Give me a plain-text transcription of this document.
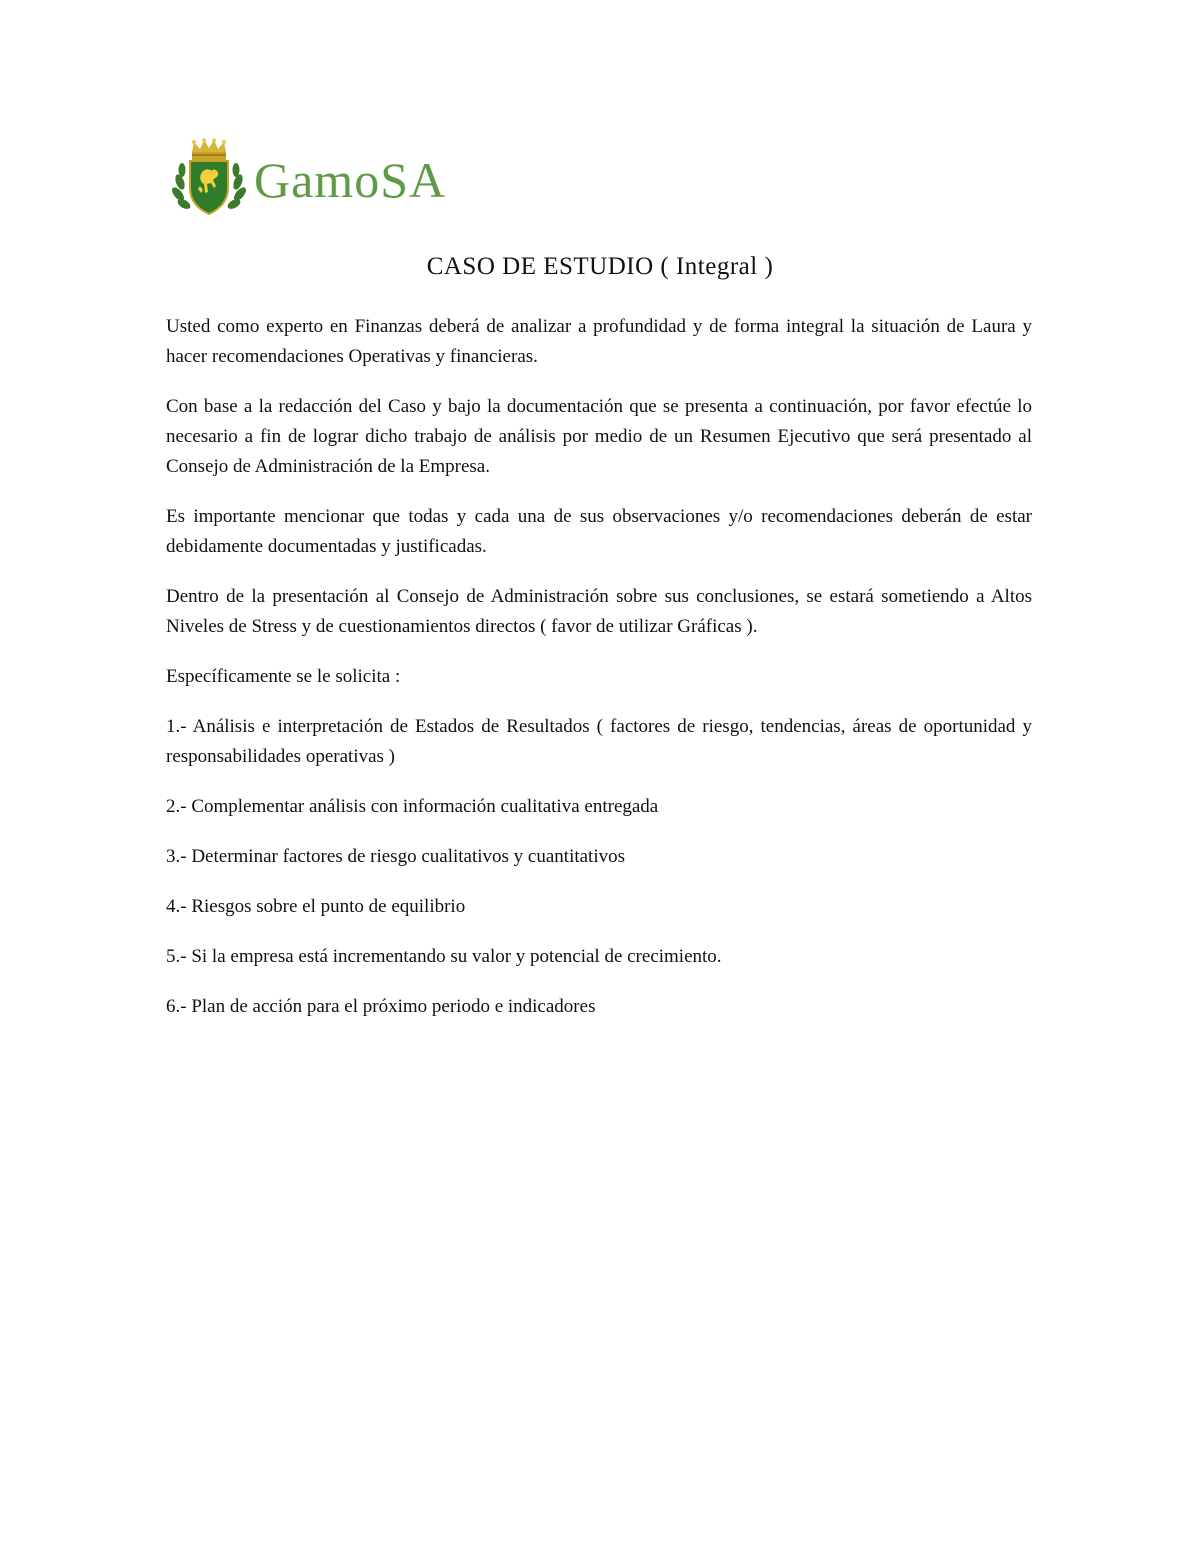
GamoSA
CASO DE ESTUDIO ( Integral )

Usted como experto en Finanzas deberá de analizar a profundidad y de forma integral la situación de Laura y hacer recomendaciones Operativas y financieras.

Con base a la redacción del Caso y bajo la documentación que se presenta a continuación, por favor efectúe lo necesario a fin de lograr dicho trabajo de análisis por medio de un Resumen Ejecutivo que será presentado al Consejo de Administración de la Empresa.

Es importante mencionar que todas y cada una de sus observaciones y/o recomendaciones deberán de estar debidamente documentadas y justificadas.

Dentro de la presentación al Consejo de Administración sobre sus conclusiones, se estará sometiendo a Altos Niveles de Stress y de cuestionamientos directos ( favor de utilizar Gráficas ).

Específicamente se le solicita :

1.- Análisis e interpretación de Estados de Resultados ( factores de riesgo, tendencias, áreas de oportunidad y responsabilidades operativas )

2.- Complementar análisis con información cualitativa entregada

3.- Determinar factores de riesgo cualitativos y cuantitativos

4.- Riesgos sobre el punto de equilibrio

5.- Si la empresa está incrementando su valor y potencial de crecimiento.

6.- Plan de acción para el próximo periodo e indicadores
